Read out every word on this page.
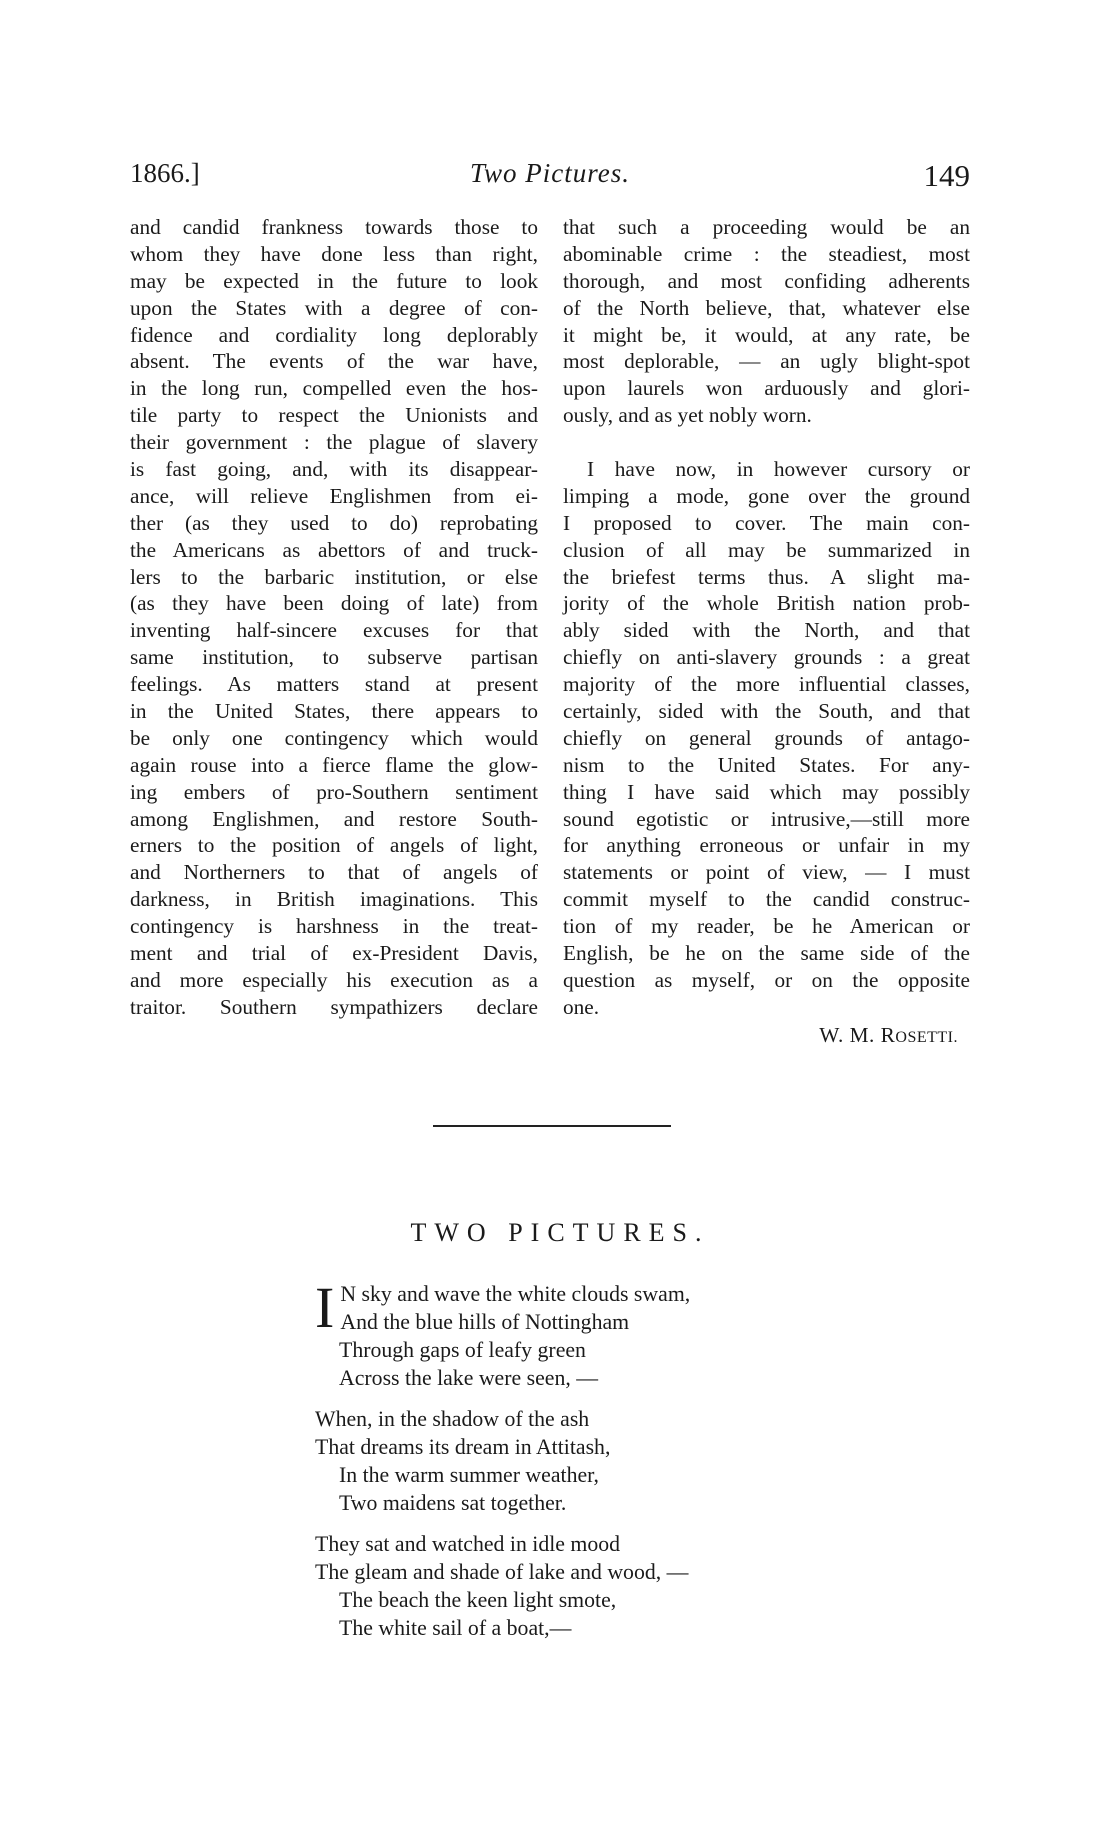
1866.]	Two Pictures.	149
and candid frankness towards those to
whom they have done less than right,
may be expected in the future to look
upon the States with a degree of con-
fidence and cordiality long deplorably
absent. The events of the war have,
in the long run, compelled even the hos-
tile party to respect the Unionists and
their government : the plague of slavery
is fast going, and, with its disappear-
ance, will relieve Englishmen from ei-
ther (as they used to do) reprobating
the Americans as abettors of and truck-
lers to the barbaric institution, or else
(as they have been doing of late) from
inventing half-sincere excuses for that
same institution, to subserve partisan
feelings. As matters stand at present
in the United States, there appears to
be only one contingency which would
again rouse into a fierce flame the glow-
ing embers of pro-Southern sentiment
among Englishmen, and restore South-
erners to the position of angels of light,
and Northerners to that of angels of
darkness, in British imaginations. This
contingency is harshness in the treat-
ment and trial of ex-President Davis,
and more especially his execution as a
traitor. Southern sympathizers declare
that such a proceeding would be an
abominable crime : the steadiest, most
thorough, and most confiding adherents
of the North believe, that, whatever else
it might be, it would, at any rate, be
most deplorable, — an ugly blight-spot
upon laurels won arduously and glori-
ously, and as yet nobly worn.
I have now, in however cursory or
limping a mode, gone over the ground
I proposed to cover. The main con-
clusion of all may be summarized in
the briefest terms thus. A slight ma-
jority of the whole British nation prob-
ably sided with the North, and that
chiefly on anti-slavery grounds : a great
majority of the more influential classes,
certainly, sided with the South, and that
chiefly on general grounds of antago-
nism to the United States. For any-
thing I have said which may possibly
sound egotistic or intrusive,—still more
for anything erroneous or unfair in my
statements or point of view, — I must
commit myself to the candid construc-
tion of my reader, be he American or
English, be he on the same side of the
question as myself, or on the opposite
one.
W. M. ROSETTI.
TWO PICTURES.
I N sky and wave the white clouds swam,
And the blue hills of Nottingham
Through gaps of leafy green
Across the lake were seen, —
When, in the shadow of the ash
That dreams its dream in Attitash,
In the warm summer weather,
Two maidens sat together.
They sat and watched in idle mood
The gleam and shade of lake and wood, —
The beach the keen light smote,
The white sail of a boat,—
